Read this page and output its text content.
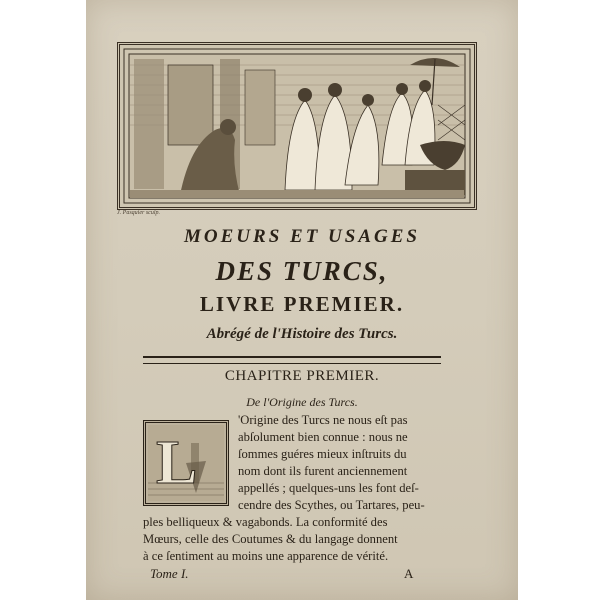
J. Pasquier sculp.
MOEURS ET USAGES
DES TURCS,
LIVRE PREMIER.
Abrégé de l'Histoire des Turcs.
CHAPITRE PREMIER.
De l'Origine des Turcs.
L
'Origine des Turcs ne nous eſt pas
abſolument bien connue : nous ne
ſommes guéres mieux inſtruits du
nom dont ils furent anciennement
appellés ; quelques-uns les font deſ-
cendre des Scythes, ou Tartares, peu-
ples belliqueux & vagabonds. La conformité des
Mœurs, celle des Coutumes & du langage donnent
à ce ſentiment au moins une apparence de vérité.
Tome I.	A
